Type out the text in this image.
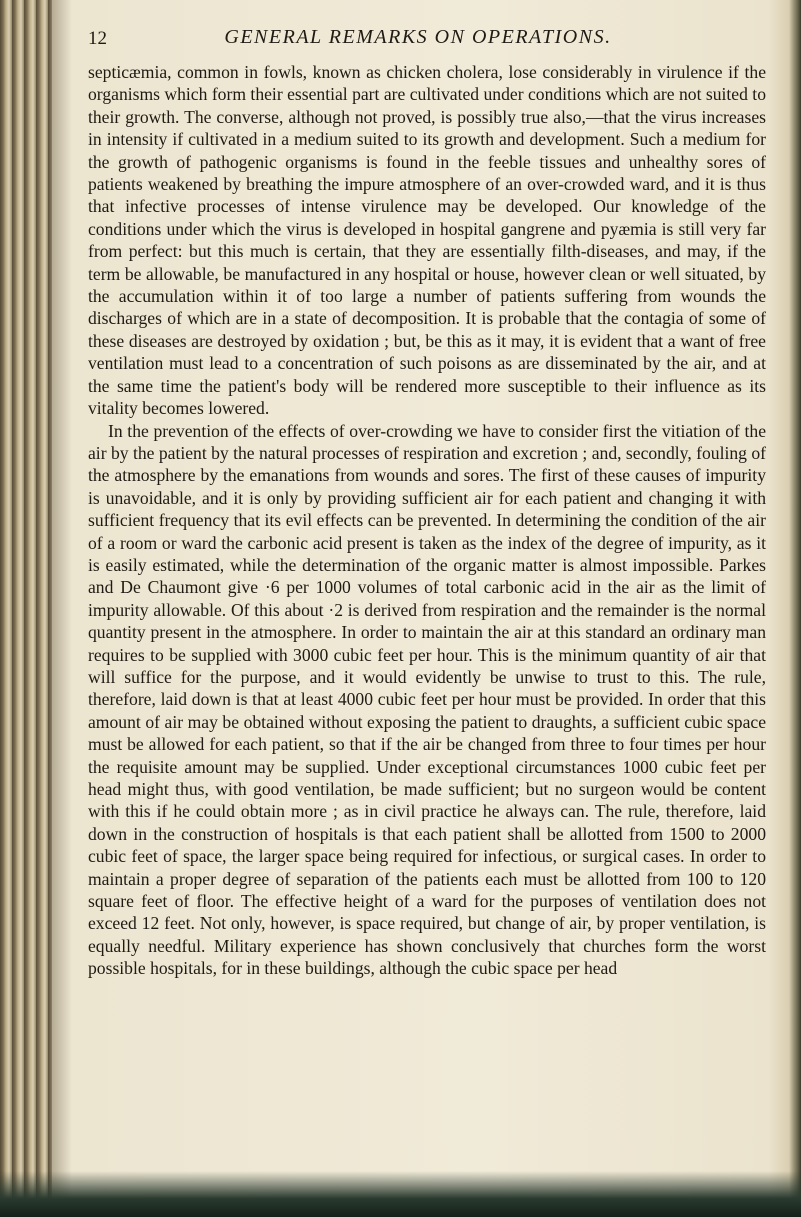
12	GENERAL REMARKS ON OPERATIONS.

septicæmia, common in fowls, known as chicken cholera, lose considerably in virulence if the organisms which form their essential part are cultivated under conditions which are not suited to their growth. The converse, although not proved, is possibly true also,—that the virus increases in intensity if cultivated in a medium suited to its growth and development. Such a medium for the growth of pathogenic organisms is found in the feeble tissues and unhealthy sores of patients weakened by breathing the impure atmosphere of an over-crowded ward, and it is thus that infective processes of intense virulence may be developed. Our knowledge of the conditions under which the virus is developed in hospital gangrene and pyæmia is still very far from perfect: but this much is certain, that they are essentially filth-diseases, and may, if the term be allowable, be manufactured in any hospital or house, however clean or well situated, by the accumulation within it of too large a number of patients suffering from wounds the discharges of which are in a state of decomposition. It is probable that the contagia of some of these diseases are destroyed by oxidation ; but, be this as it may, it is evident that a want of free ventilation must lead to a concentration of such poisons as are disseminated by the air, and at the same time the patient's body will be rendered more susceptible to their influence as its vitality becomes lowered.

In the prevention of the effects of over-crowding we have to consider first the vitiation of the air by the patient by the natural processes of respiration and excretion ; and, secondly, fouling of the atmosphere by the emanations from wounds and sores. The first of these causes of impurity is unavoidable, and it is only by providing sufficient air for each patient and changing it with sufficient frequency that its evil effects can be prevented. In determining the condition of the air of a room or ward the carbonic acid present is taken as the index of the degree of impurity, as it is easily estimated, while the determination of the organic matter is almost impossible. Parkes and De Chaumont give ·6 per 1000 volumes of total carbonic acid in the air as the limit of impurity allowable. Of this about ·2 is derived from respiration and the remainder is the normal quantity present in the atmosphere. In order to maintain the air at this standard an ordinary man requires to be supplied with 3000 cubic feet per hour. This is the minimum quantity of air that will suffice for the purpose, and it would evidently be unwise to trust to this. The rule, therefore, laid down is that at least 4000 cubic feet per hour must be provided. In order that this amount of air may be obtained without exposing the patient to draughts, a sufficient cubic space must be allowed for each patient, so that if the air be changed from three to four times per hour the requisite amount may be supplied. Under exceptional circumstances 1000 cubic feet per head might thus, with good ventilation, be made sufficient; but no surgeon would be content with this if he could obtain more ; as in civil practice he always can. The rule, therefore, laid down in the construction of hospitals is that each patient shall be allotted from 1500 to 2000 cubic feet of space, the larger space being required for infectious, or surgical cases. In order to maintain a proper degree of separation of the patients each must be allotted from 100 to 120 square feet of floor. The effective height of a ward for the purposes of ventilation does not exceed 12 feet. Not only, however, is space required, but change of air, by proper ventilation, is equally needful. Military experience has shown conclusively that churches form the worst possible hospitals, for in these buildings, although the cubic space per head
